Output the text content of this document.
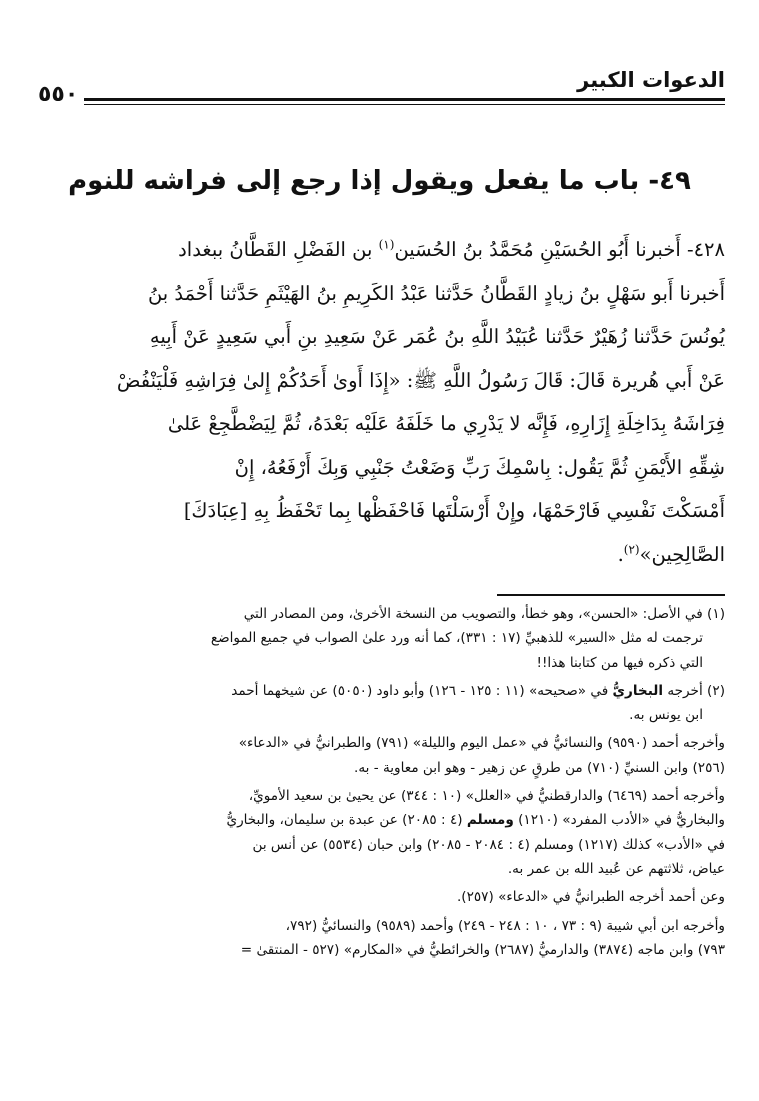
الدعوات الكبير
٥٥٠
٤٩- باب ما يفعل ويقول إذا رجع إلى فراشه للنوم
٤٢٨- أَخبرنا أَبُو الحُسَيْنِ مُحَمَّدُ بنُ الحُسَين$^{(١)}$ بن الفَضْلِ القَطَّانُ ببغداد
أَخبرنا أَبو سَهْلٍ بنُ زيادٍ القَطَّانُ حَدَّثنا عَبْدُ الكَرِيمِ بنُ الهَيْثَمِ حَدَّثنا أَحْمَدُ بنُ
يُونُسَ حَدَّثنا زُهَيْرٌ حَدَّثنا عُبَيْدُ اللَّهِ بنُ عُمَر عَنْ سَعِيدِ بنِ أَبي سَعِيدٍ عَنْ أَبِيهِ
عَنْ أَبي هُريرة قَالَ: قَالَ رَسُولُ اللَّهِ ﷺ: «إِذَا أَوىٰ أَحَدُكُمْ إِلىٰ فِرَاشِهِ فَلْيَنْفُضْ
فِرَاشَهُ بِدَاخِلَةِ إِزَارِهِ، فَإِنَّه لا يَدْرِي ما خَلَفَهُ عَلَيْه بَعْدَهُ، ثُمَّ لِيَضْطَّجِعْ عَلىٰ
شِقِّهِ الأَيْمَنِ ثُمَّ يَقُول: بِاسْمِكَ رَبِّ وَضَعْتُ جَنْبِي وَبِكَ أَرْفَعُهُ، إِنْ
أَمْسَكْتَ نَفْسِي فَارْحَمْهَا، وإِنْ أَرْسَلْتَها فَاحْفَظْها بِما تَحْفَظُ بِهِ [عِبَادَكَ]
الصَّالِحِين»$^{(٢)}$.
(١) في الأصل: «الحسن»، وهو خطأ، والتصويب من النسخة الأخرىٰ، ومن المصادر التي
ترجمت له مثل «السير» للذهبيِّ (١٧ : ٣٣١)، كما أنه ورد علىٰ الصواب في جميع المواضع
التي ذكره فيها من كتابنا هذا!!
(٢) أخرجه البخاريُّ في «صحيحه» (١١ : ١٢٥ - ١٢٦) وأبو داود (٥٠٥٠) عن شيخهما أحمد
ابن يونس به.
وأخرجه أحمد (٩٥٩٠) والنسائيُّ في «عمل اليوم والليلة» (٧٩١) والطبرانيُّ في «الدعاء»
(٢٥٦) وابن السنيِّ (٧١٠) من طرقٍ عن زهير - وهو ابن معاوية - به.
وأخرجه أحمد (٦٤٦٩) والدارقطنيُّ في «العلل» (١٠ : ٣٤٤) عن يحيىٰ بن سعيد الأمويِّ،
والبخاريُّ في «الأدب المفرد» (١٢١٠) ومسلم (٤ : ٢٠٨٥) عن عبدة بن سليمان، والبخاريُّ
في «الأدب» كذلك (١٢١٧) ومسلم (٤ : ٢٠٨٤ - ٢٠٨٥) وابن حبان (٥٥٣٤) عن أنس بن
عياض، ثلاثتهم عن عُبيد الله بن عمر به.
وعن أحمد أخرجه الطبرانيُّ في «الدعاء» (٢٥٧).
وأخرجه ابن أبي شيبة (٩ : ٧٣ ، ١٠ : ٢٤٨ - ٢٤٩) وأحمد (٩٥٨٩) والنسائيُّ (٧٩٢،
٧٩٣) وابن ماجه (٣٨٧٤) والدارميُّ (٢٦٨٧) والخرائطيُّ في «المكارم» (٥٢٧ - المنتقىٰ =
